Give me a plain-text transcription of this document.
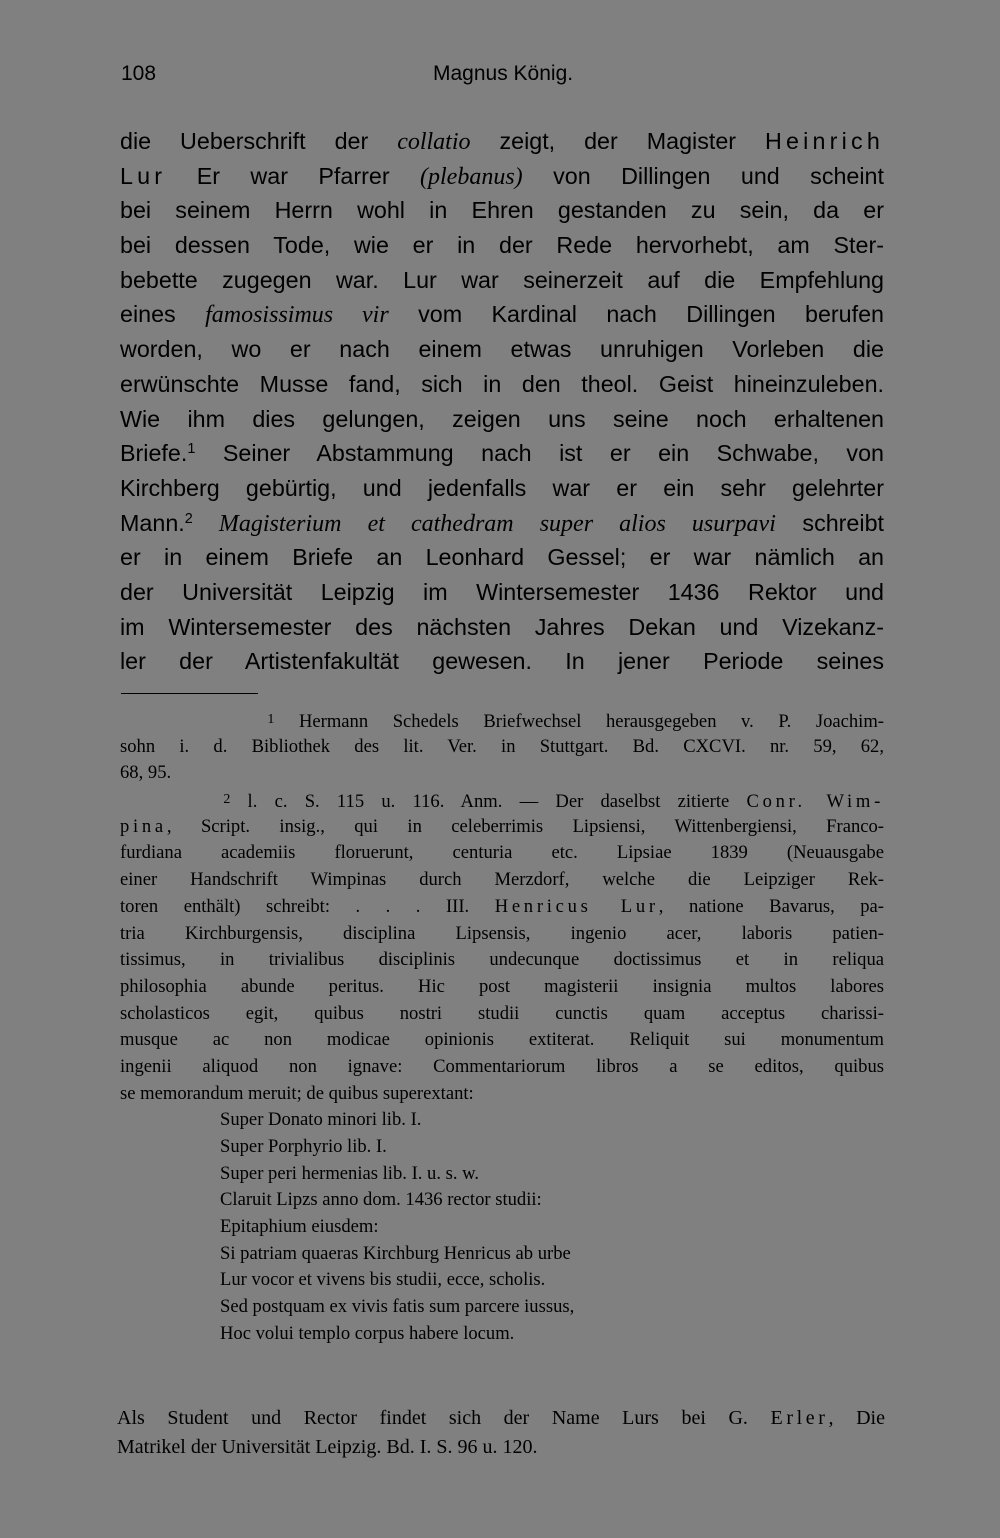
108	Magnus König.
die Ueberschrift der collatio zeigt, der Magister Heinrich
Lur Er war Pfarrer (plebanus) von Dillingen und scheint
bei seinem Herrn wohl in Ehren gestanden zu sein, da er
bei dessen Tode, wie er in der Rede hervorhebt, am Ster-
bebette zugegen war. Lur war seinerzeit auf die Empfehlung
eines famosissimus vir vom Kardinal nach Dillingen berufen
worden, wo er nach einem etwas unruhigen Vorleben die
erwünschte Musse fand, sich in den theol. Geist hineinzuleben.
Wie ihm dies gelungen, zeigen uns seine noch erhaltenen
Briefe.$^1$ Seiner Abstammung nach ist er ein Schwabe, von
Kirchberg gebürtig, und jedenfalls war er ein sehr gelehrter
Mann.$^2$ Magisterium et cathedram super alios usurpavi schreibt
er in einem Briefe an Leonhard Gessel; er war nämlich an
der Universität Leipzig im Wintersemester 1436 Rektor und
im Wintersemester des nächsten Jahres Dekan und Vizekanz-
ler der Artistenfakultät gewesen. In jener Periode seines
$^1$ Hermann Schedels Briefwechsel herausgegeben v. P. Joachim-
sohn i. d. Bibliothek des lit. Ver. in Stuttgart. Bd. CXCVI. nr. 59, 62,
68, 95.
$^2$ l. c. S. 115 u. 116. Anm. — Der daselbst zitierte Conr. Wim-
pina, Script. insig., qui in celeberrimis Lipsiensi, Wittenbergiensi, Franco-
furdiana academiis floruerunt, centuria etc. Lipsiae 1839 (Neuausgabe
einer Handschrift Wimpinas durch Merzdorf, welche die Leipziger Rek-
toren enthält) schreibt: . . . III. Henricus Lur, natione Bavarus, pa-
tria Kirchburgensis, disciplina Lipsensis, ingenio acer, laboris patien-
tissimus, in trivialibus disciplinis undecunque doctissimus et in reliqua
philosophia abunde peritus. Hic post magisterii insignia multos labores
scholasticos egit, quibus nostri studii cunctis quam acceptus charissi-
musque ac non modicae opinionis extiterat. Reliquit sui monumentum
ingenii aliquod non ignave: Commentariorum libros a se editos, quibus
se memorandum meruit; de quibus superextant:
Super Donato minori lib. I.
Super Porphyrio lib. I.
Super peri hermenias lib. I. u. s. w.
Claruit Lipzs anno dom. 1436 rector studii:
Epitaphium eiusdem:
Si patriam quaeras Kirchburg Henricus ab urbe
Lur vocor et vivens bis studii, ecce, scholis.
Sed postquam ex vivis fatis sum parcere iussus,
Hoc volui templo corpus habere locum.
Als Student und Rector findet sich der Name Lurs bei G. Erler, Die
Matrikel der Universität Leipzig. Bd. I. S. 96 u. 120.
